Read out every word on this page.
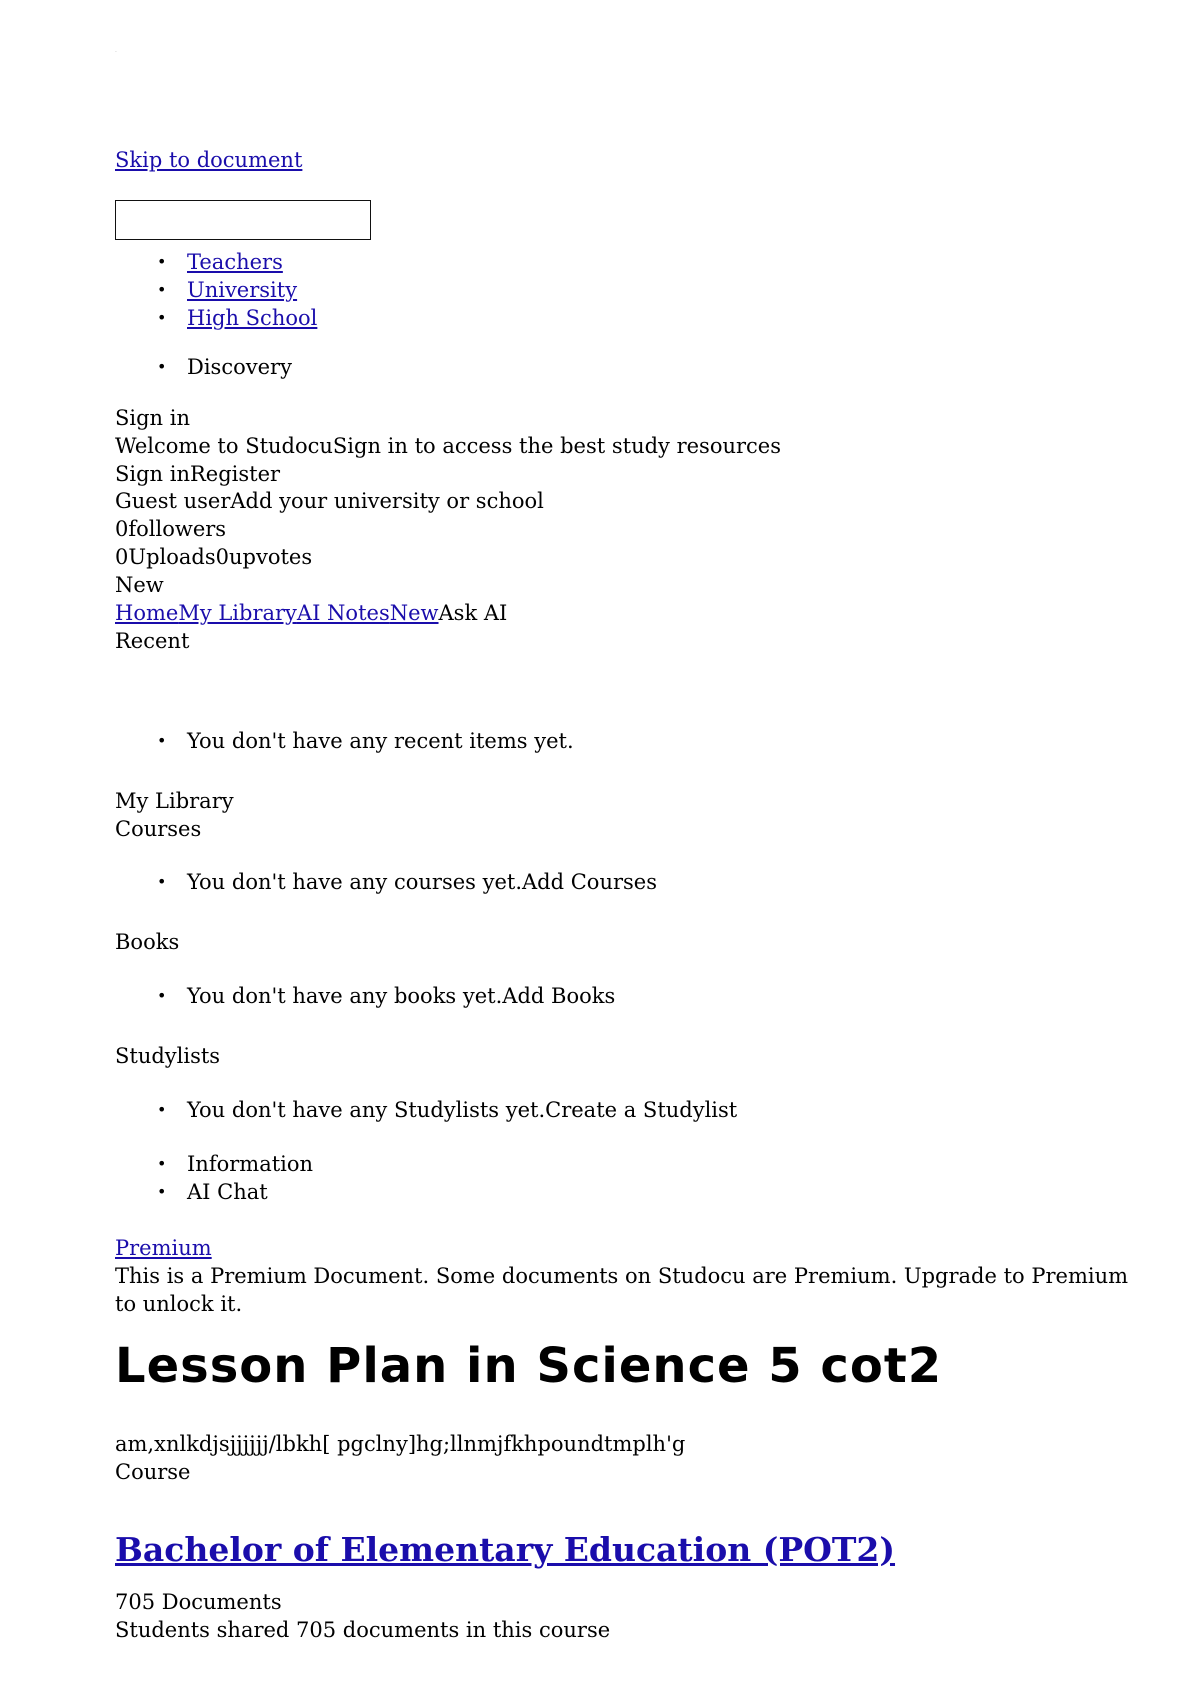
·
Skip to document
• Teachers
• University
• High School
• Discovery
Sign in
Welcome to StudocuSign in to access the best study resources
Sign inRegister
Guest userAdd your university or school
0followers
0Uploads0upvotes
New
HomeMy LibraryAI NotesNewAsk AI
Recent
• You don't have any recent items yet.
My Library
Courses
• You don't have any courses yet.Add Courses
Books
• You don't have any books yet.Add Books
Studylists
• You don't have any Studylists yet.Create a Studylist
• Information
• AI Chat
Premium
This is a Premium Document. Some documents on Studocu are Premium. Upgrade to Premium to unlock it.
Lesson Plan in Science 5 cot2
am,xnlkdjsjjjjjj/lbkh[ pgclny]hg;llnmjfkhpoundtmplh'g
Course
Bachelor of Elementary Education (POT2)
705 Documents
Students shared 705 documents in this course
